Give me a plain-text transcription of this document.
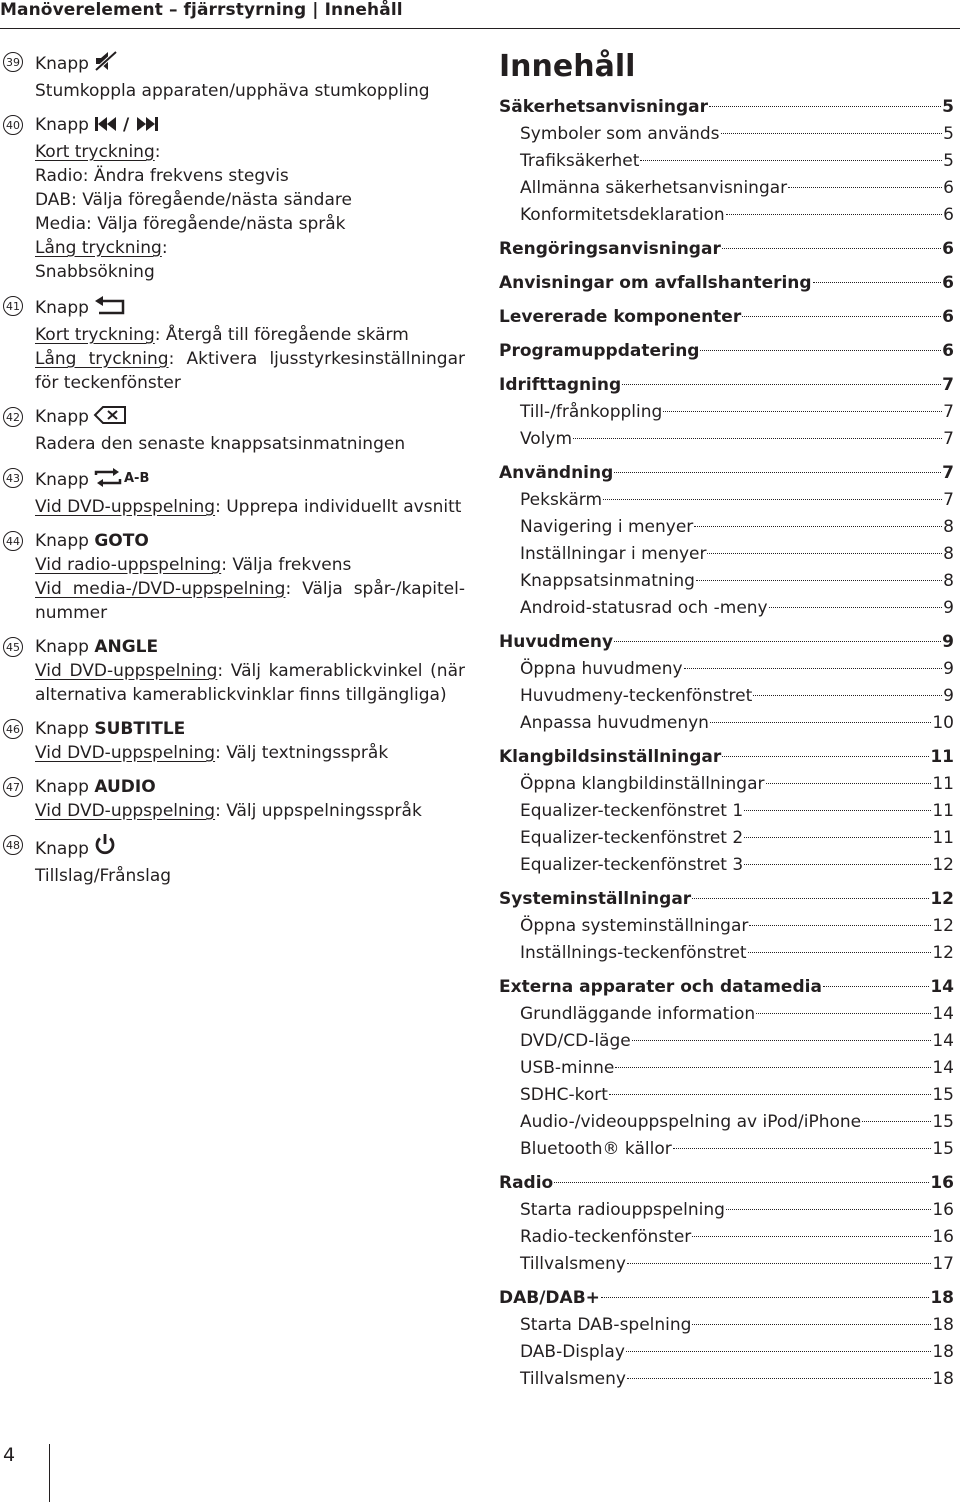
Manöverelement – fjärrstyrning | Innehåll
39 Knapp
Stumkoppla apparaten/upphäva stumkoppling
40 Knapp /
Kort tryckning:
Radio: Ändra frekvens stegvis
DAB: Välja föregående/nästa sändare
Media: Välja föregående/nästa språk
Lång tryckning:
Snabbsökning
41 Knapp
Kort tryckning: Återgå till föregående skärm
Lång tryckning: Aktivera ljusstyrkesinställningar för teckenfönster
42 Knapp
Radera den senaste knappsatsinmatningen
43 Knapp	A-B
Vid DVD-uppspelning: Upprepa individuellt avsnitt
44 Knapp GOTO
Vid radio-uppspelning: Välja frekvens
Vid media-/DVD-uppspelning: Välja spår-/kapitel-nummer
45 Knapp ANGLE
Vid DVD-uppspelning: Välj kamerablickvinkel (när alternativa kamerablickvinklar finns tillgängliga)
46 Knapp SUBTITLE
Vid DVD-uppspelning: Välj textningsspråk
47 Knapp AUDIO
Vid DVD-uppspelning: Välj uppspelningsspråk
48 Knapp
Tillslag/Frånslag
Innehåll
Säkerhetsanvisningar	5
Symboler som används	5
Trafiksäkerhet	5
Allmänna säkerhetsanvisningar	6
Konformitetsdeklaration	6
Rengöringsanvisningar	6
Anvisningar om avfallshantering	6
Levererade komponenter	6
Programuppdatering	6
Idrifttagning	7
Till-/frånkoppling	7
Volym	7
Användning	7
Pekskärm	7
Navigering i menyer	8
Inställningar i menyer	8
Knappsatsinmatning	8
Android-statusrad och -meny	9
Huvudmeny	9
Öppna huvudmeny	9
Huvudmeny-teckenfönstret	9
Anpassa huvudmenyn	10
Klangbildsinställningar	11
Öppna klangbildinställningar	11
Equalizer-teckenfönstret 1	11
Equalizer-teckenfönstret 2	11
Equalizer-teckenfönstret 3	12
Systeminställningar	12
Öppna systeminställningar	12
Inställnings-teckenfönstret	12
Externa apparater och datamedia	14
Grundläggande information	14
DVD/CD-läge	14
USB-minne	14
SDHC-kort	15
Audio-/videouppspelning av iPod/iPhone	15
Bluetooth® källor	15
Radio	16
Starta radiouppspelning	16
Radio-teckenfönster	16
Tillvalsmeny	17
DAB/DAB+	18
Starta DAB-spelning	18
DAB-Display	18
Tillvalsmeny	18
4
